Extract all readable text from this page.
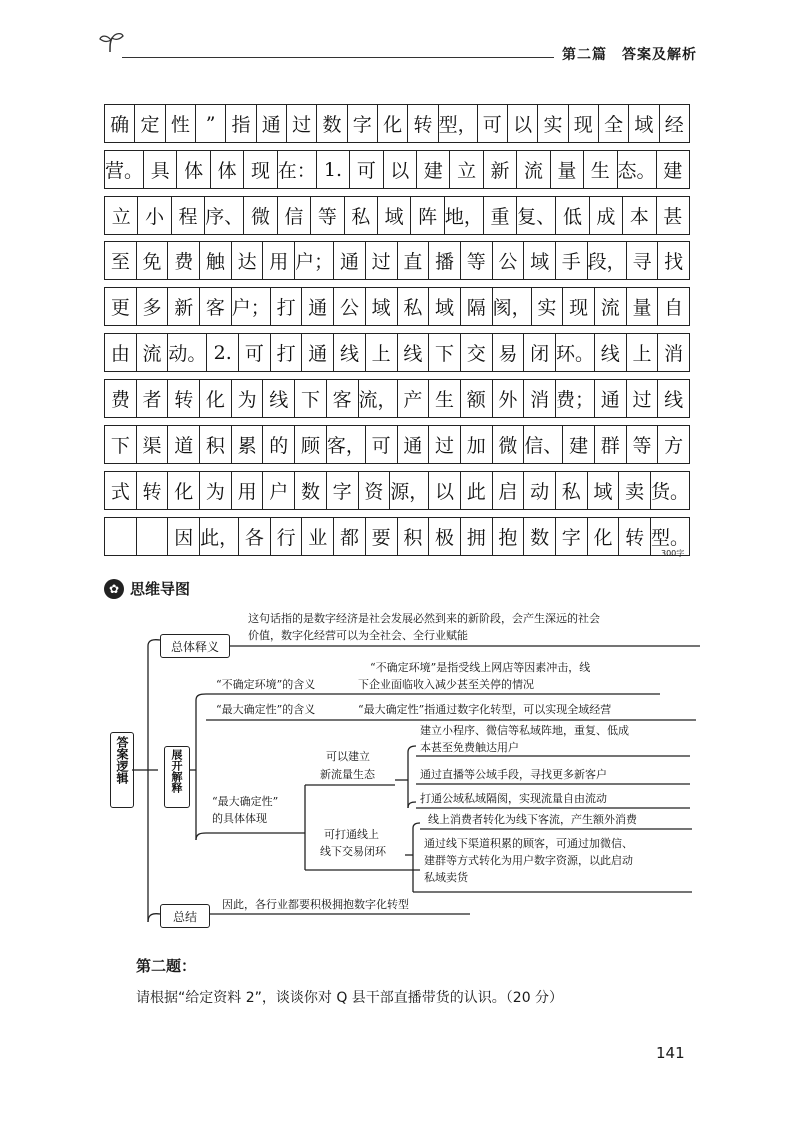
第二篇　答案及解析
确 定 性 ” 指 通 过 数 字 化 转 型， 可 以 实 现 全 域 经
营。 具 体 体 现 在： 1. 可 以 建 立 新 流 量 生 态。 建
立 小 程 序、 微 信 等 私 域 阵 地， 重 复、 低 成 本 甚
至 免 费 触 达 用 户； 通 过 直 播 等 公 域 手 段， 寻 找
更 多 新 客 户； 打 通 公 域 私 域 隔 阂， 实 现 流 量 自
由 流 动。 2. 可 打 通 线 上 线 下 交 易 闭 环。 线 上 消
费 者 转 化 为 线 下 客 流， 产 生 额 外 消 费； 通 过 线
下 渠 道 积 累 的 顾 客， 可 通 过 加 微 信、 建 群 等 方
式 转 化 为 用 户 数 字 资 源， 以 此 启 动 私 域 卖 货。
因 此， 各 行 业 都 要 积 极 拥 抱 数 字 化 转 型。
300字
✿ 思维导图
答案逻辑
总体释义
展开解释
总结
这句话指的是数字经济是社会发展必然到来的新阶段，会产生深远的社会
价值，数字化经营可以为全社会、全行业赋能
“不确定环境”是指受线上网店等因素冲击，线
“不确定环境”的含义	下企业面临收入减少甚至关停的情况
“最大确定性”的含义	“最大确定性”指通过数字化转型，可以实现全域经营
“最大确定性”
的具体体现
可以建立
新流量生态
建立小程序、微信等私域阵地，重复、低成
本甚至免费触达用户
通过直播等公域手段，寻找更多新客户
打通公域私域隔阂，实现流量自由流动
可打通线上
线下交易闭环
线上消费者转化为线下客流，产生额外消费
通过线下渠道积累的顾客，可通过加微信、
建群等方式转化为用户数字资源，以此启动
私域卖货
因此，各行业都要积极拥抱数字化转型
第二题：
请根据“给定资料 2”，谈谈你对 Q 县干部直播带货的认识。（20 分）
141
